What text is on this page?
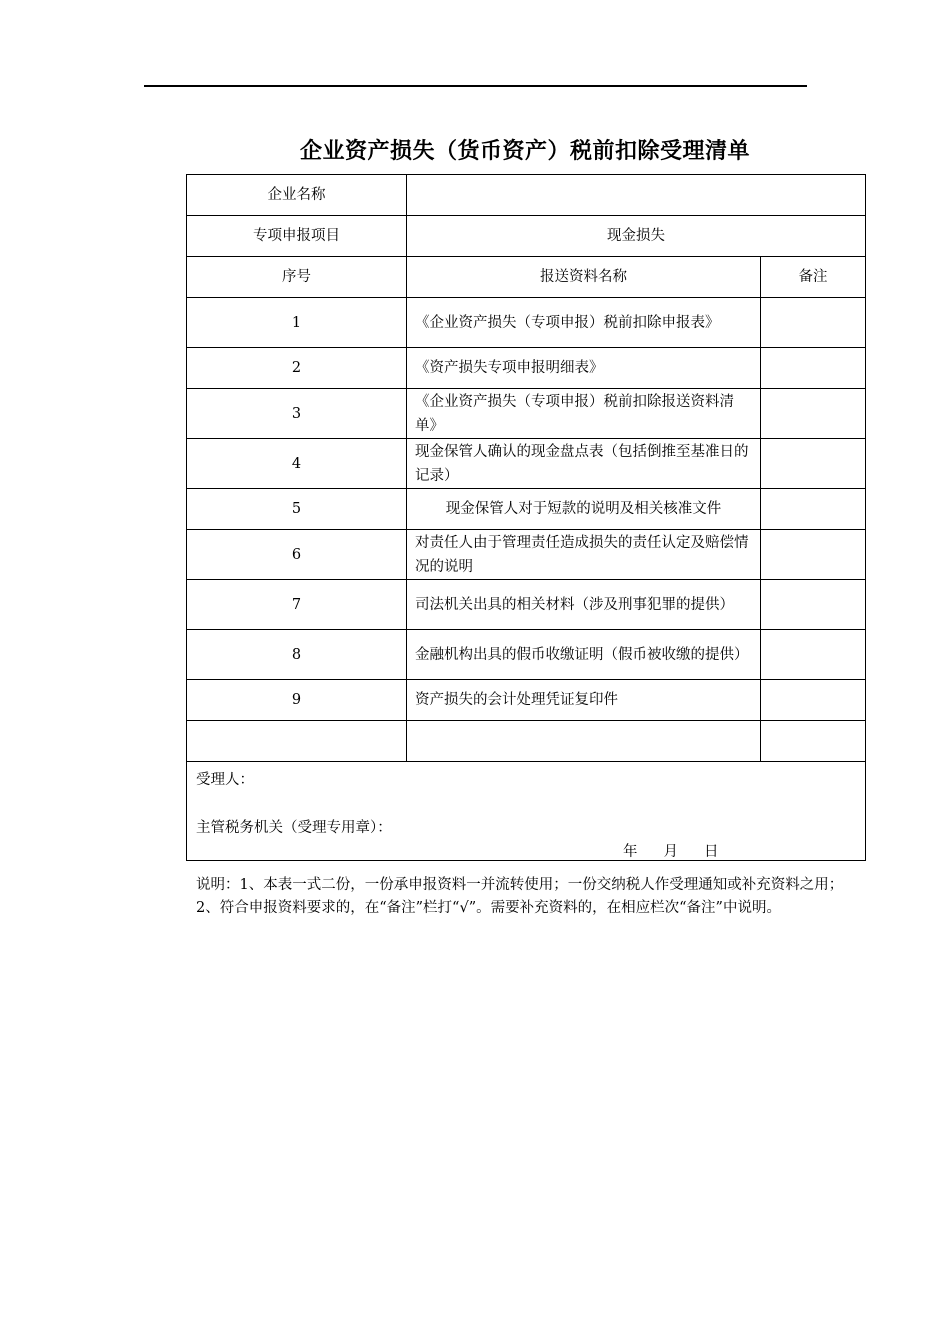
企业资产损失（货币资产）税前扣除受理清单
企业名称		
专项申报项目	现金损失	
序号	报送资料名称	备注
1	《企业资产损失（专项申报）税前扣除申报表》	
2	《资产损失专项申报明细表》	
3	《企业资产损失（专项申报）税前扣除报送资料清单》	
4	现金保管人确认的现金盘点表（包括倒推至基准日的记录）	
5	现金保管人对于短款的说明及相关核准文件	
6	对责任人由于管理责任造成损失的责任认定及赔偿情况的说明	
7	司法机关出具的相关材料（涉及刑事犯罪的提供）	
8	金融机构出具的假币收缴证明（假币被收缴的提供）	
9	资产损失的会计处理凭证复印件	

受理人：
主管税务机关（受理专用章）：
年 月 日		
说明：1、本表一式二份，一份承申报资料一并流转使用；一份交纳税人作受理通知或补充资料之用；2、符合申报资料要求的，在“备注”栏打“√”。需要补充资料的，在相应栏次“备注”中说明。
